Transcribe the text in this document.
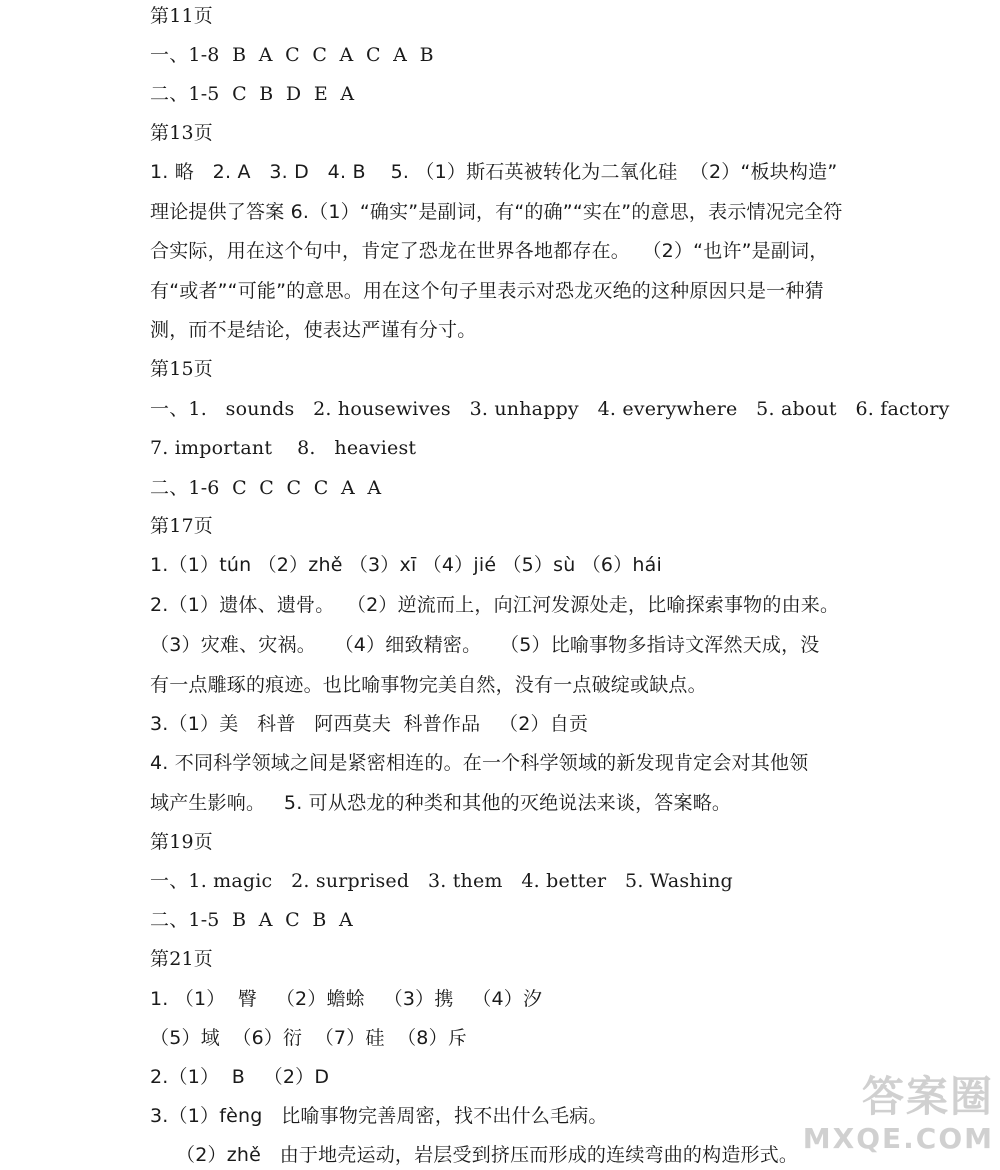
第11页
一、1-8  B  A  C  C  A  C  A  B
二、1-5  C  B  D  E  A
第13页
1. 略   2. A   3. D   4. B    5. （1）斯石英被转化为二氧化硅  （2）“板块构造”
理论提供了答案 6.（1）“确实”是副词，有“的确”“实在”的意思，表示情况完全符
合实际，用在这个句中，肯定了恐龙在世界各地都存在。  （2）“也许”是副词，
有“或者”“可能”的意思。用在这个句子里表示对恐龙灭绝的这种原因只是一种猜
测，而不是结论，使表达严谨有分寸。
第15页
一、1.   sounds   2. housewives   3. unhappy   4. everywhere   5. about   6. factory
7. important    8.   heaviest
二、1-6  C  C  C  C  A  A
第17页
1.（1）tún （2）zhě （3）xī （4）jié （5）sù （6）hái
2.（1）遗体、遗骨。  （2）逆流而上，向江河发源处走，比喻探索事物的由来。
（3）灾难、灾祸。   （4）细致精密。   （5）比喻事物多指诗文浑然天成，没
有一点雕琢的痕迹。也比喻事物完美自然，没有一点破绽或缺点。
3.（1）美   科普   阿西莫夫  科普作品   （2）自贡
4. 不同科学领域之间是紧密相连的。在一个科学领域的新发现肯定会对其他领
域产生影响。   5. 可从恐龙的种类和其他的灭绝说法来谈，答案略。
第19页
一、1. magic   2. surprised   3. them   4. better   5. Washing
二、1-5  B  A  C  B  A
第21页
1. （1）  臀   （2）蟾蜍   （3）携   （4）汐
（5）域  （6）衍  （7）硅  （8）斥
2.（1）  B   （2）D
3.（1）fèng   比喻事物完善周密，找不出什么毛病。
（2）zhě   由于地壳运动，岩层受到挤压而形成的连续弯曲的构造形式。
答案圈
MXQE.COM
